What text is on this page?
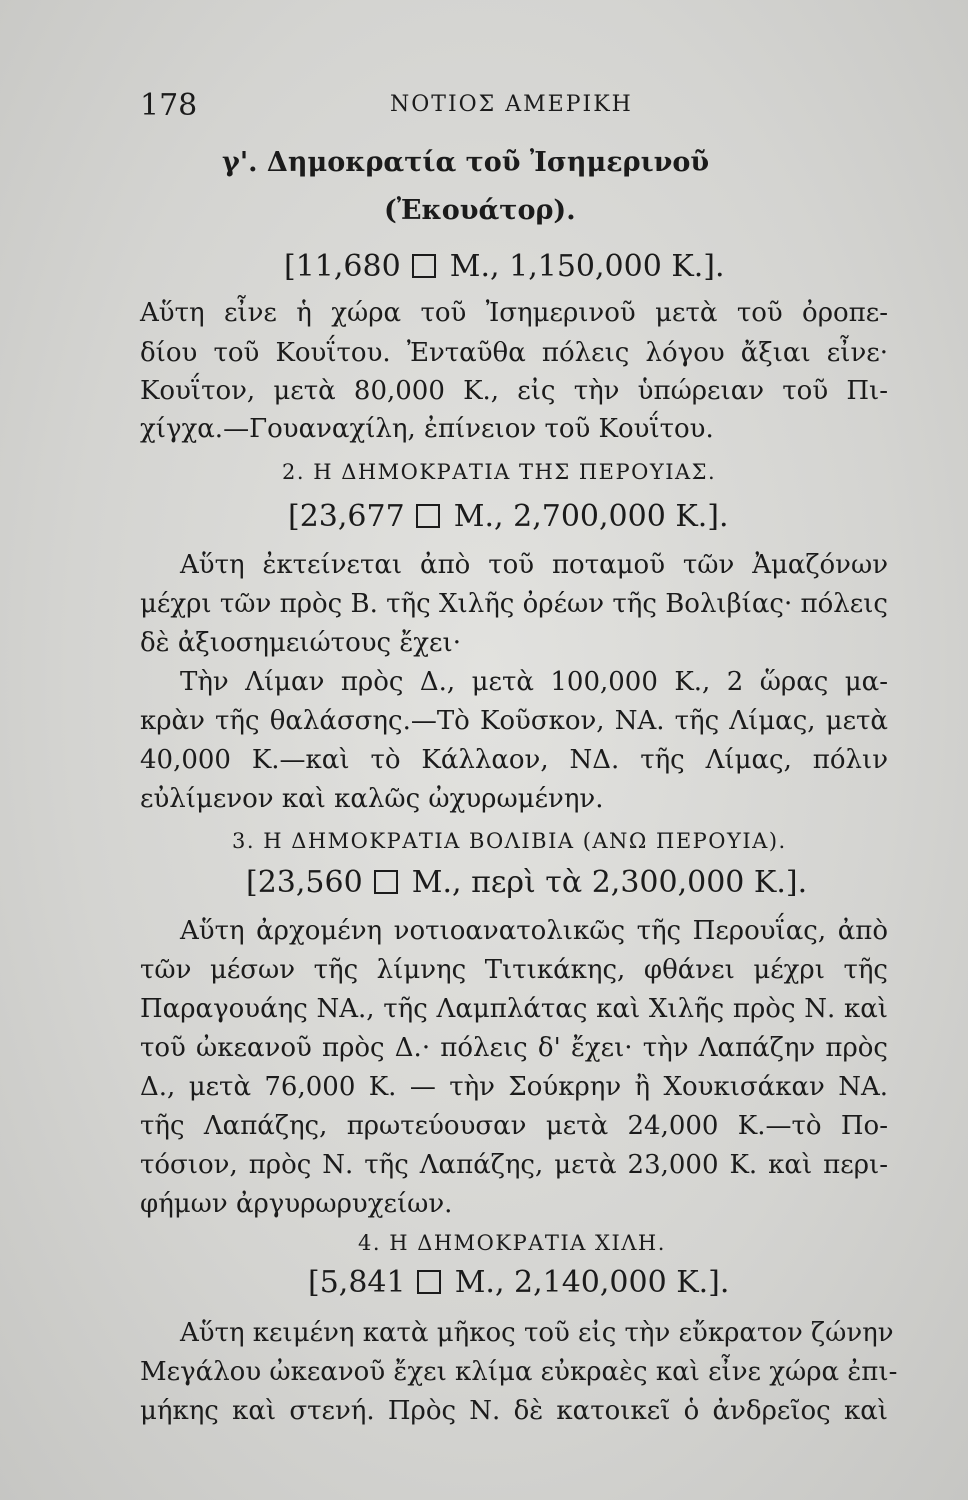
178	ΝΟΤΙΟΣ ΑΜΕΡΙΚΗ
γ'. Δημοκρατία τοῦ Ἰσημερινοῦ
(Ἐκουάτορ).
[11,680 Μ., 1,150,000 Κ.].
Αὕτη εἶνε ἡ χώρα τοῦ Ἰσημερινοῦ μετὰ τοῦ ὀροπε-
δίου τοῦ Κουΐτου. Ἐνταῦθα πόλεις λόγου ἄξιαι εἶνε·
Κουΐτον, μετὰ 80,000 Κ., εἰς τὴν ὑπώρειαν τοῦ Πι-
χίγχα.—Γουαναχίλη, ἐπίνειον τοῦ Κουΐτου.
2. Η ΔΗΜΟΚΡΑΤΙΑ ΤΗΣ ΠΕΡΟΥΙΑΣ.
[23,677 Μ., 2,700,000 Κ.].
Αὕτη ἐκτείνεται ἀπὸ τοῦ ποταμοῦ τῶν Ἀμαζόνων
μέχρι τῶν πρὸς Β. τῆς Χιλῆς ὀρέων τῆς Βολιβίας· πόλεις
δὲ ἀξιοσημειώτους ἔχει·
Τὴν Λίμαν πρὸς Δ., μετὰ 100,000 Κ., 2 ὥρας μα-
κρὰν τῆς θαλάσσης.—Τὸ Κοῦσκον, ΝΑ. τῆς Λίμας, μετὰ
40,000 Κ.—καὶ τὸ Κάλλαον, ΝΔ. τῆς Λίμας, πόλιν
εὐλίμενον καὶ καλῶς ὠχυρωμένην.
3. Η ΔΗΜΟΚΡΑΤΙΑ ΒΟΛΙΒΙΑ (ΑΝΩ ΠΕΡΟΥΙΑ).
[23,560 Μ., περὶ τὰ 2,300,000 Κ.].
Αὕτη ἀρχομένη νοτιοανατολικῶς τῆς Περουΐας, ἀπὸ
τῶν μέσων τῆς λίμνης Τιτικάκης, φθάνει μέχρι τῆς
Παραγουάης ΝΑ., τῆς Λαμπλάτας καὶ Χιλῆς πρὸς Ν. καὶ
τοῦ ὠκεανοῦ πρὸς Δ.· πόλεις δ' ἔχει· τὴν Λαπάζην πρὸς
Δ., μετὰ 76,000 Κ. — τὴν Σούκρην ἢ Χουκισάκαν ΝΑ.
τῆς Λαπάζης, πρωτεύουσαν μετὰ 24,000 Κ.—τὸ Πο-
τόσιον, πρὸς Ν. τῆς Λαπάζης, μετὰ 23,000 Κ. καὶ περι-
φήμων ἀργυρωρυχείων.
4. Η ΔΗΜΟΚΡΑΤΙΑ ΧΙΛΗ.
[5,841 Μ., 2,140,000 Κ.].
Αὕτη κειμένη κατὰ μῆκος τοῦ εἰς τὴν εὔκρατον ζώνην
Μεγάλου ὠκεανοῦ ἔχει κλίμα εὐκραὲς καὶ εἶνε χώρα ἐπι-
μήκης καὶ στενή. Πρὸς Ν. δὲ κατοικεῖ ὁ ἀνδρεῖος καὶ
